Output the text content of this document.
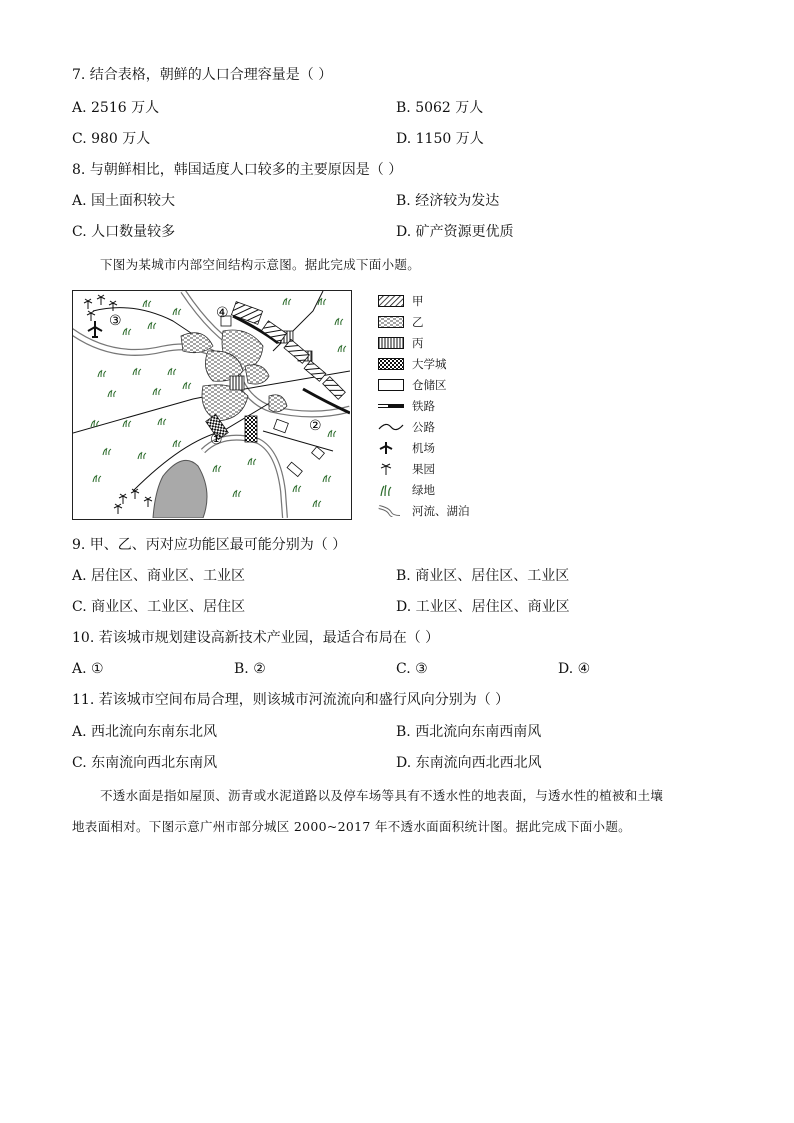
7. 结合表格，朝鲜的人口合理容量是（ ）
A. 2516 万人	B. 5062 万人
C. 980 万人	D. 1150 万人
8. 与朝鲜相比，韩国适度人口较多的主要原因是（ ）
A. 国土面积较大	B. 经济较为发达
C. 人口数量较多	D. 矿产资源更优质
下图为某城市内部空间结构示意图。据此完成下面小题。
①
②
③	④
甲
乙
丙
大学城
仓储区
铁路
公路
机场
果园
绿地
河流、湖泊
9. 甲、乙、丙对应功能区最可能分别为（ ）
A. 居住区、商业区、工业区	B. 商业区、居住区、工业区
C. 商业区、工业区、居住区	D. 工业区、居住区、商业区
10. 若该城市规划建设高新技术产业园，最适合布局在（ ）
A. ①	B. ②	C. ③	D. ④
11. 若该城市空间布局合理，则该城市河流流向和盛行风向分别为（ ）
A. 西北流向东南东北风	B. 西北流向东南西南风
C. 东南流向西北东南风	D. 东南流向西北西北风
不透水面是指如屋顶、沥青或水泥道路以及停车场等具有不透水性的地表面，与透水性的植被和土壤
地表面相对。下图示意广州市部分城区 2000~2017 年不透水面面积统计图。据此完成下面小题。
